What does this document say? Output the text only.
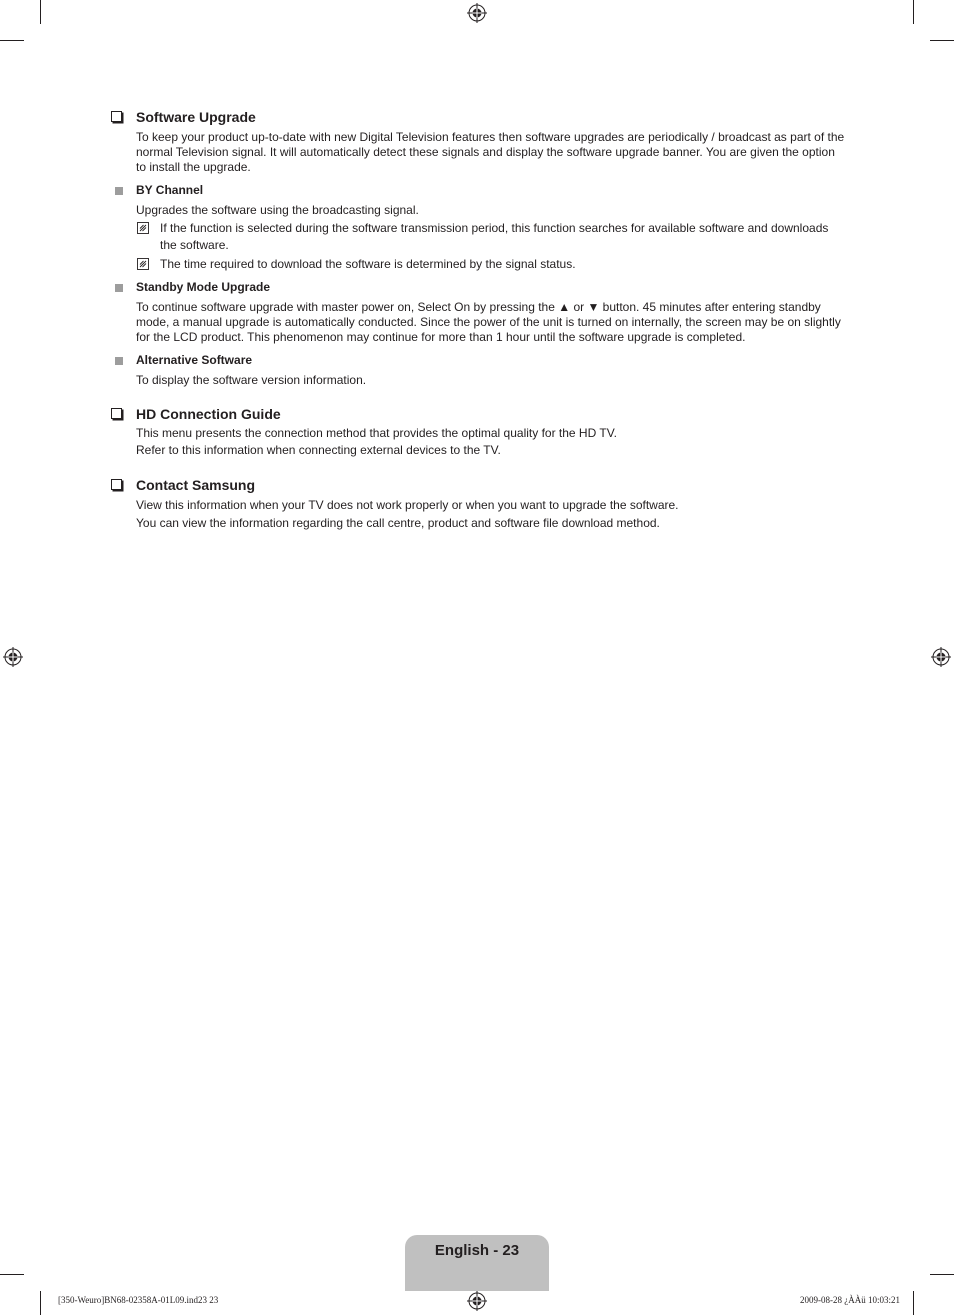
Software Upgrade

To keep your product up-to-date with new Digital Television features then software upgrades are periodically / broadcast as part of the normal Television signal. It will automatically detect these signals and display the software upgrade banner. You are given the option to install the upgrade.

BY Channel

Upgrades the software using the broadcasting signal.

If the function is selected during the software transmission period, this function searches for available software and downloads the software.

The time required to download the software is determined by the signal status.

Standby Mode Upgrade

To continue software upgrade with master power on, Select On by pressing the ▲ or ▼ button. 45 minutes after entering standby mode, a manual upgrade is automatically conducted. Since the power of the unit is turned on internally, the screen may be on slightly for the LCD product. This phenomenon may continue for more than 1 hour until the software upgrade is completed.

Alternative Software

To display the software version information.

HD Connection Guide

This menu presents the connection method that provides the optimal quality for the HD TV.

Refer to this information when connecting external devices to the TV.

Contact Samsung

View this information when your TV does not work properly or when you want to upgrade the software.

You can view the information regarding the call centre, product and software file download method.

English - 23
[350-Weuro]BN68-02358A-01L09.ind23 23	2009-08-28 ¿ÀÀü 10:03:21
